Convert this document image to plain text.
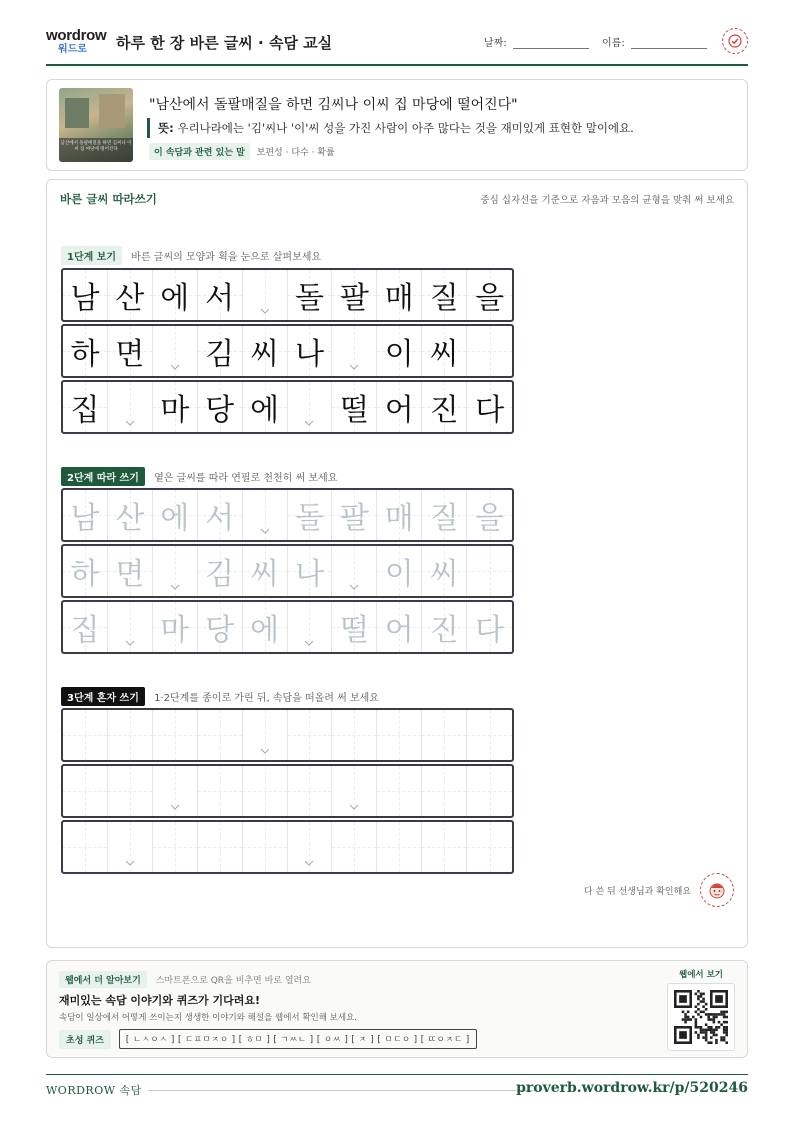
wordrow
워드로	하루 한 장 바른 글씨 · 속담 교실	날짜:	이름:
남산에서 돌팔매질을 하면 김씨나 이씨 집 마당에 떨어진다
"남산에서 돌팔매질을 하면 김씨나 이씨 집 마당에 떨어진다"
뜻: 우리나라에는 '김'씨나 '이'씨 성을 가진 사람이 아주 많다는 것을 재미있게 표현한 말이에요.
이 속담과 관련 있는 말 보편성 · 다수 · 확률
바른 글씨 따라쓰기	중심 십자선을 기준으로 자음과 모음의 균형을 맞춰 써 보세요
1단계 보기 바른 글씨의 모양과 획을 눈으로 살펴보세요
남 산 에 서 돌 팔 매 질 을
하 면 김 씨 나 이 씨
집 마 당 에 떨 어 진 다
2단계 따라 쓰기 옅은 글씨를 따라 연필로 천천히 써 보세요
남 산 에 서 돌 팔 매 질 을
하 면 김 씨 나 이 씨
집 마 당 에 떨 어 진 다
3단계 혼자 쓰기 1·2단계를 종이로 가린 뒤, 속담을 떠올려 써 보세요
다 쓴 뒤 선생님과 확인해요
웹에서 더 알아보기 스마트폰으로 QR을 비추면 바로 열려요
재미있는 속담 이야기와 퀴즈가 기다려요!
속담이 일상에서 어떻게 쓰이는지 생생한 이야기와 해설을 웹에서 확인해 보세요.
초성 퀴즈	[ ㄴㅅㅇㅅ ] [ ㄷㅍㅁㅈㅇ ] [ ㅎㅁ ] [ ㄱㅆㄴ ] [ ㅇㅆ ] [ ㅈ ] [ ㅁㄷㅇ ] [ ㄸㅇㅈㄷ ]
웹에서 보기
WORDROW 속담	proverb.wordrow.kr/p/520246
